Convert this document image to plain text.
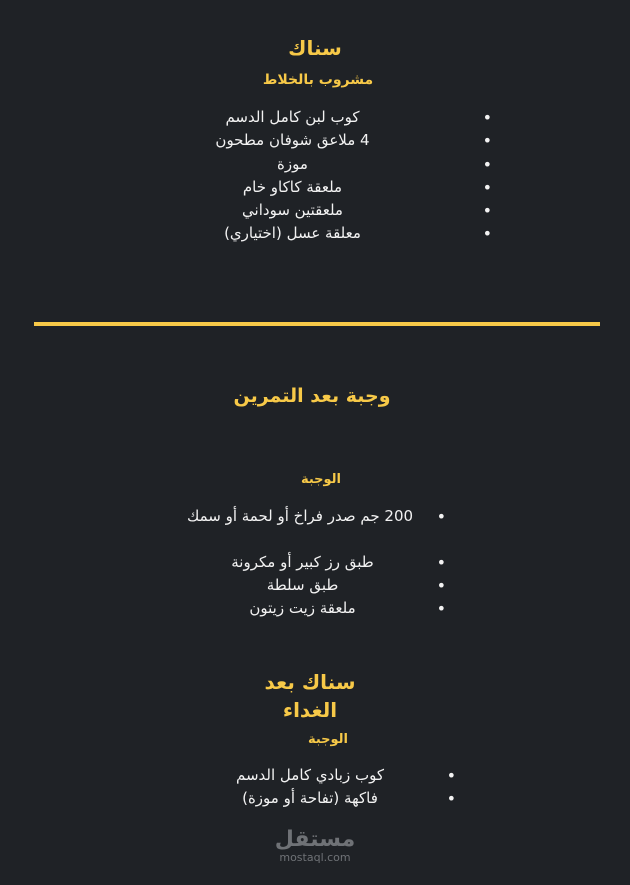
سناك
مشروب بالخلاط
•
كوب لبن كامل الدسم
•
4 ملاعق شوفان مطحون
•
موزة
•
ملعقة كاكاو خام
•
ملعقتين سوداني
•
معلقة عسل (اختياري)
وجبة بعد التمرين
الوجبة
•
200 جم صدر فراخ أو لحمة أو سمك
•
طبق رز كبير أو مكرونة
•
طبق سلطة
•
ملعقة زيت زيتون
سناك بعد
الغداء
الوجبة
•
كوب زبادي كامل الدسم
•
فاكهة (تفاحة أو موزة)
مستقل
mostaql.com
